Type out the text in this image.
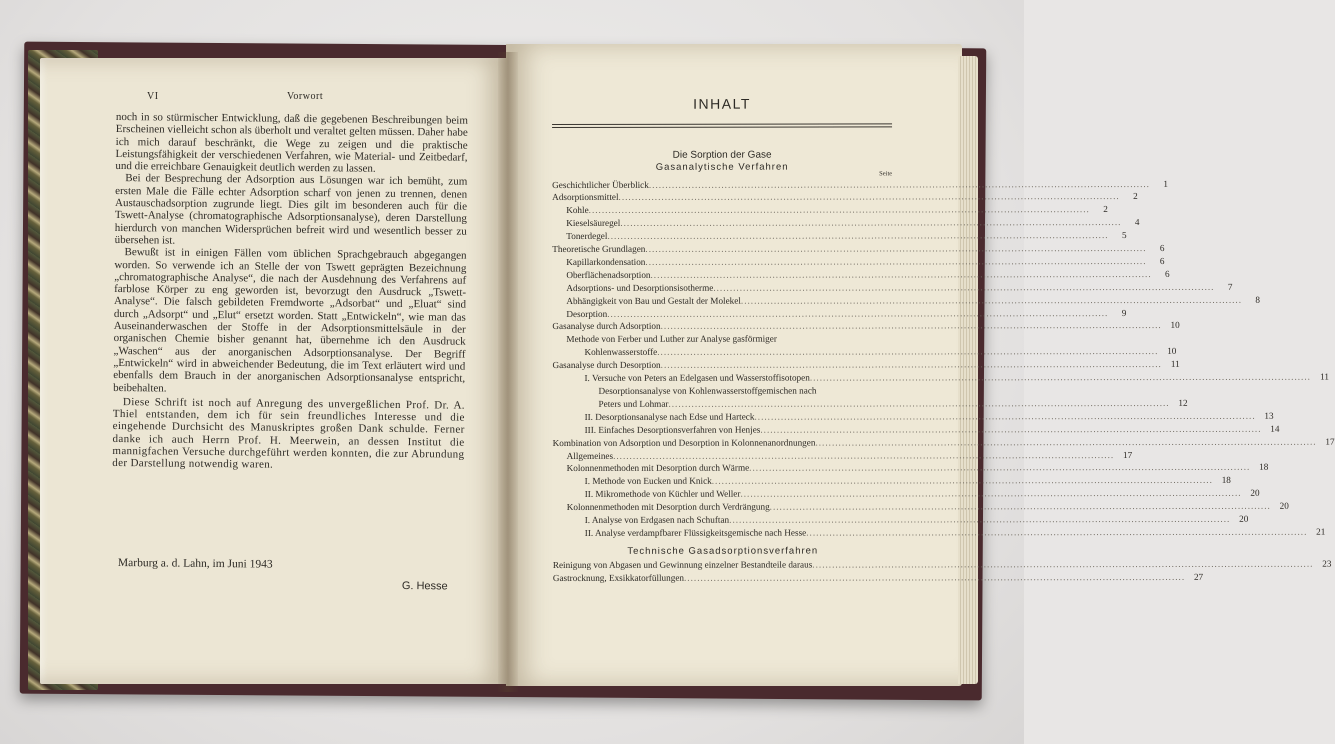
VI	Vorwort

noch in so stürmischer Entwicklung, daß die gegebenen Beschreibungen beim Erscheinen vielleicht schon als überholt und veraltet gelten müssen. Daher habe ich mich darauf beschränkt, die Wege zu zeigen und die praktische Leistungsfähigkeit der verschiedenen Verfahren, wie Material- und Zeitbedarf, und die erreichbare Genauigkeit deutlich werden zu lassen.

Bei der Besprechung der Adsorption aus Lösungen war ich bemüht, zum ersten Male die Fälle echter Adsorption scharf von jenen zu trennen, denen Austauschadsorption zugrunde liegt. Dies gilt im besonderen auch für die Tswett-Analyse (chromatographische Adsorptionsanalyse), deren Darstellung hierdurch von manchen Widersprüchen befreit wird und wesentlich besser zu übersehen ist.

Bewußt ist in einigen Fällen vom üblichen Sprachgebrauch abgegangen worden. So verwende ich an Stelle der von Tswett geprägten Bezeichnung „chromatographische Analyse“, die nach der Ausdehnung des Verfahrens auf farblose Körper zu eng geworden ist, bevorzugt den Ausdruck „Tswett-Analyse“. Die falsch gebildeten Fremdworte „Adsorbat“ und „Eluat“ sind durch „Adsorpt“ und „Elut“ ersetzt worden. Statt „Entwickeln“, wie man das Auseinanderwaschen der Stoffe in der Adsorptionsmittelsäule in der organischen Chemie bisher genannt hat, übernehme ich den Ausdruck „Waschen“ aus der anorganischen Adsorptionsanalyse. Der Begriff „Entwickeln“ wird in abweichender Bedeutung, die im Text erläutert wird und ebenfalls dem Brauch in der anorganischen Adsorptionsanalyse entspricht, beibehalten.

Diese Schrift ist noch auf Anregung des unvergeßlichen Prof. Dr. A. Thiel entstanden, dem ich für sein freundliches Interesse und die eingehende Durchsicht des Manuskriptes großen Dank schulde. Ferner danke ich auch Herrn Prof. H. Meerwein, an dessen Institut die mannigfachen Versuche durchgeführt werden konnten, die zur Abrundung der Darstellung notwendig waren.

Marburg a. d. Lahn, im Juni 1943
G. Hesse

INHALT

Die Sorption der Gase

Gasanalytische Verfahren

Seite

Geschichtlicher Überblick .....	1
Adsorptionsmittel .....	2
Kohle .....	2
Kieselsäuregel .....	4
Tonerdegel .....	5
Theoretische Grundlagen .....	6
Kapillarkondensation .....	6
Oberflächenadsorption .....	6
Adsorptions- und Desorptionsisotherme .....	7
Abhängigkeit von Bau und Gestalt der Molekel .....	8
Desorption .....	9
Gasanalyse durch Adsorption .....	10
Methode von Ferber und Luther zur Analyse gasförmiger
Kohlenwasserstoffe .....	10
Gasanalyse durch Desorption .....	11
I. Versuche von Peters an Edelgasen und Wasserstoffisotopen .....	11
Desorptionsanalyse von Kohlenwasserstoffgemischen nach
Peters und Lohmar .....	12
II. Desorptionsanalyse nach Edse und Harteck .....	13
III. Einfaches Desorptionsverfahren von Henjes .....	14
Kombination von Adsorption und Desorption in Kolonnenanordnungen .....	17
Allgemeines .....	17
Kolonnenmethoden mit Desorption durch Wärme .....	18
I. Methode von Eucken und Knick .....	18
II. Mikromethode von Küchler und Weller .....	20
Kolonnenmethoden mit Desorption durch Verdrängung .....	20
I. Analyse von Erdgasen nach Schuftan .....	20
II. Analyse verdampfbarer Flüssigkeitsgemische nach Hesse .....	21

Technische Gasadsorptionsverfahren

Reinigung von Abgasen und Gewinnung einzelner Bestandteile daraus .....	23
Gastrocknung, Exsikkatorfüllungen .....	27
